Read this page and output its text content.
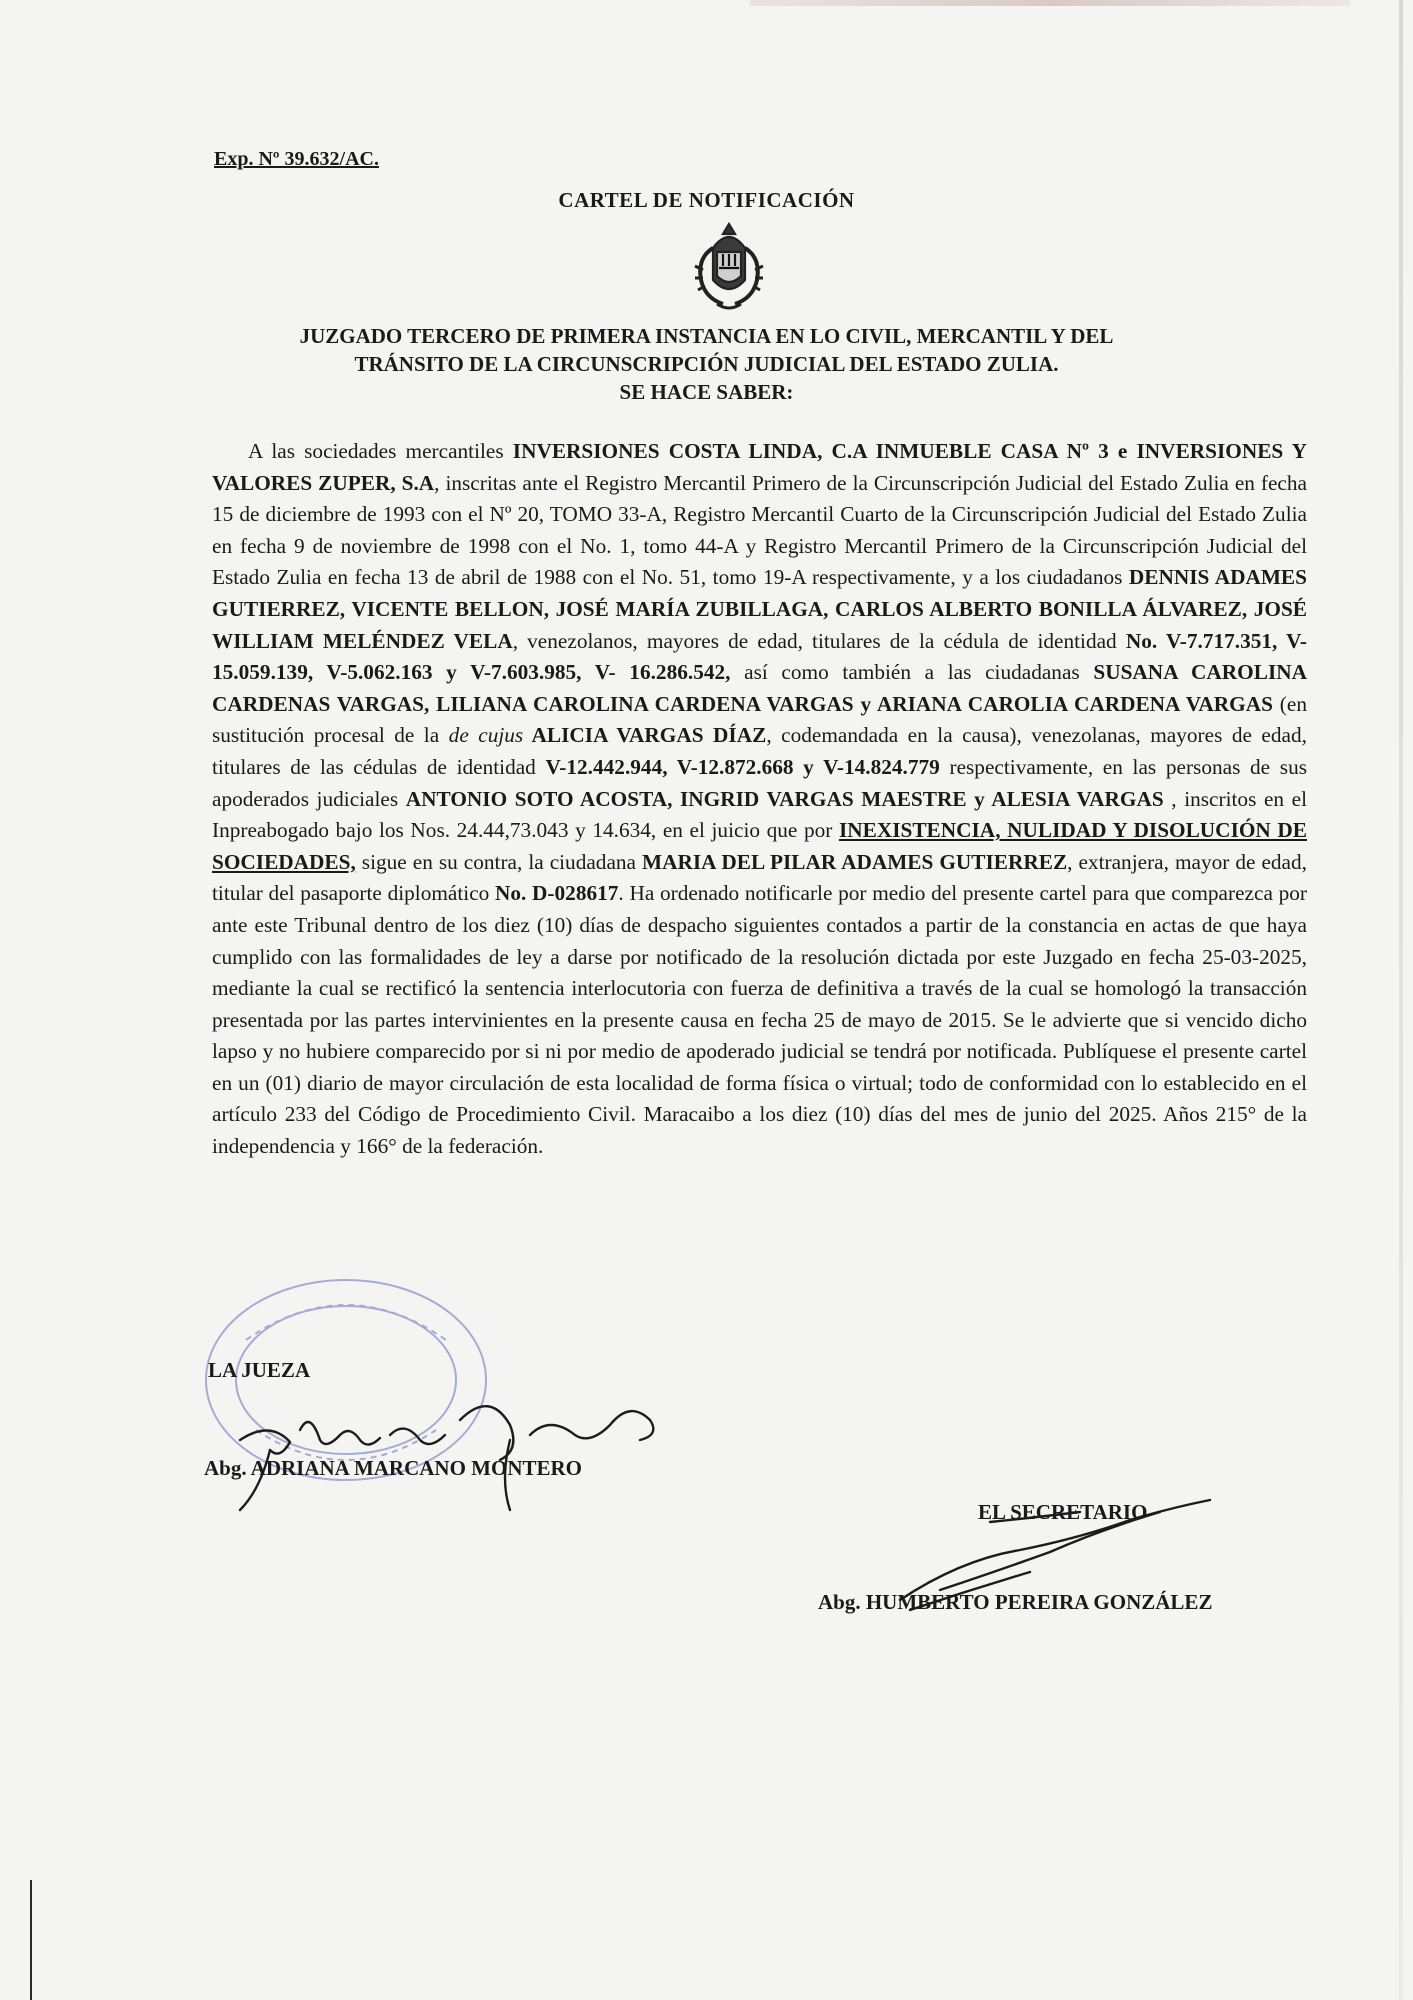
Exp. Nº 39.632/AC.
CARTEL DE NOTIFICACIÓN
JUZGADO TERCERO DE PRIMERA INSTANCIA EN LO CIVIL, MERCANTIL Y DEL
TRÁNSITO DE LA CIRCUNSCRIPCIÓN JUDICIAL DEL ESTADO ZULIA.
SE HACE SABER:

A las sociedades mercantiles INVERSIONES COSTA LINDA, C.A INMUEBLE CASA Nº 3 e INVERSIONES Y VALORES ZUPER, S.A, inscritas ante el Registro Mercantil Primero de la Circunscripción Judicial del Estado Zulia en fecha 15 de diciembre de 1993 con el Nº 20, TOMO 33-A, Registro Mercantil Cuarto de la Circunscripción Judicial del Estado Zulia en fecha 9 de noviembre de 1998 con el No. 1, tomo 44-A y Registro Mercantil Primero de la Circunscripción Judicial del Estado Zulia en fecha 13 de abril de 1988 con el No. 51, tomo 19-A respectivamente, y a los ciudadanos DENNIS ADAMES GUTIERREZ, VICENTE BELLON, JOSÉ MARÍA ZUBILLAGA, CARLOS ALBERTO BONILLA ÁLVAREZ, JOSÉ WILLIAM MELÉNDEZ VELA, venezolanos, mayores de edad, titulares de la cédula de identidad No. V-7.717.351, V-15.059.139, V-5.062.163 y V-7.603.985, V- 16.286.542, así como también a las ciudadanas SUSANA CAROLINA CARDENAS VARGAS, LILIANA CAROLINA CARDENA VARGAS y ARIANA CAROLIA CARDENA VARGAS (en sustitución procesal de la de cujus ALICIA VARGAS DÍAZ, codemandada en la causa), venezolanas, mayores de edad, titulares de las cédulas de identidad V-12.442.944, V-12.872.668 y V-14.824.779 respectivamente, en las personas de sus apoderados judiciales ANTONIO SOTO ACOSTA, INGRID VARGAS MAESTRE y ALESIA VARGAS , inscritos en el Inpreabogado bajo los Nos. 24.44,73.043 y 14.634, en el juicio que por INEXISTENCIA, NULIDAD Y DISOLUCIÓN DE SOCIEDADES, sigue en su contra, la ciudadana MARIA DEL PILAR ADAMES GUTIERREZ, extranjera, mayor de edad, titular del pasaporte diplomático No. D-028617. Ha ordenado notificarle por medio del presente cartel para que comparezca por ante este Tribunal dentro de los diez (10) días de despacho siguientes contados a partir de la constancia en actas de que haya cumplido con las formalidades de ley a darse por notificado de la resolución dictada por este Juzgado en fecha 25-03-2025, mediante la cual se rectificó la sentencia interlocutoria con fuerza de definitiva a través de la cual se homologó la transacción presentada por las partes intervinientes en la presente causa en fecha 25 de mayo de 2015. Se le advierte que si vencido dicho lapso y no hubiere comparecido por si ni por medio de apoderado judicial se tendrá por notificada. Publíquese el presente cartel en un (01) diario de mayor circulación de esta localidad de forma física o virtual; todo de conformidad con lo establecido en el artículo 233 del Código de Procedimiento Civil. Maracaibo a los diez (10) días del mes de junio del 2025. Años 215° de la independencia y 166° de la federación.

LA JUEZA
Abg. ADRIANA MARCANO MONTERO
EL SECRETARIO
Abg. HUMBERTO PEREIRA GONZÁLEZ
